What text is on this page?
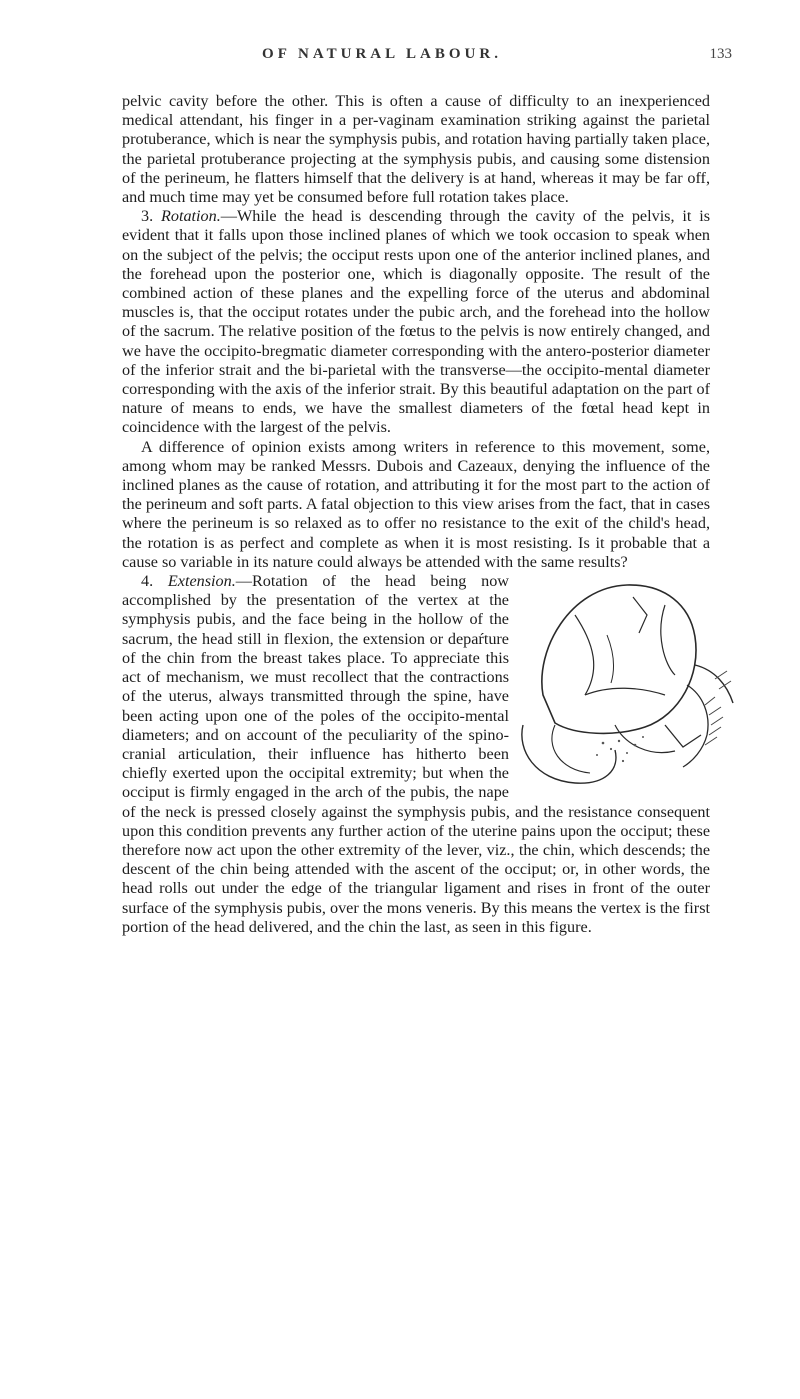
OF NATURAL LABOUR.	133

pelvic cavity before the other. This is often a cause of difficulty to an inexperienced medical attendant, his finger in a per-vaginam examination striking against the parietal protuberance, which is near the symphysis pubis, and rotation having partially taken place, the parietal protuberance projecting at the symphysis pubis, and causing some distension of the perineum, he flatters himself that the delivery is at hand, whereas it may be far off, and much time may yet be consumed before full rotation takes place.

3. Rotation.—While the head is descending through the cavity of the pelvis, it is evident that it falls upon those inclined planes of which we took occasion to speak when on the subject of the pelvis; the occiput rests upon one of the anterior inclined planes, and the forehead upon the posterior one, which is diagonally opposite. The result of the combined action of these planes and the expelling force of the uterus and abdominal muscles is, that the occiput rotates under the pubic arch, and the forehead into the hollow of the sacrum. The relative position of the fœtus to the pelvis is now entirely changed, and we have the occipito-bregmatic diameter corresponding with the antero-posterior diameter of the inferior strait and the bi-parietal with the transverse—the occipito-mental diameter corresponding with the axis of the inferior strait. By this beautiful adaptation on the part of nature of means to ends, we have the smallest diameters of the fœtal head kept in coincidence with the largest of the pelvis.

A difference of opinion exists among writers in reference to this movement, some, among whom may be ranked Messrs. Dubois and Cazeaux, denying the influence of the inclined planes as the cause of rotation, and attributing it for the most part to the action of the perineum and soft parts. A fatal objection to this view arises from the fact, that in cases where the perineum is so relaxed as to offer no resistance to the exit of the child's head, the rotation is as perfect and complete as when it is most resisting. Is it probable that a cause so variable in its nature could always be attended with the same results?

4. Extension.
—Rotation of the head being now accomplished by the presentation of the vertex at the symphysis pubis, and the face being in the hollow of the sacrum, the head still in flexion, the extension or depaŕture of the chin from the breast takes place. To appreciate this act of mechanism, we must recollect that the contractions of the uterus, always transmitted through the spine, have been acting upon one of the poles of the occipito-mental diameters; and on account of the peculiarity of the spino-cranial articulation, their influence has hitherto been chiefly exerted upon the occipital extremity; but when the occiput is firmly engaged in the arch of the pubis, the nape of the neck is pressed closely against the symphysis pubis, and the resistance consequent upon this condition prevents any further action of the uterine pains upon the occiput; these therefore now act upon the other extremity of the lever, viz., the chin, which descends; the descent of the chin being attended with the ascent of the occiput; or, in other words, the head rolls out under the edge of the triangular ligament and rises in front of the outer surface of the symphysis pubis, over the mons veneris. By this means the vertex is the first portion of the head delivered, and the chin the last, as seen in this figure.
